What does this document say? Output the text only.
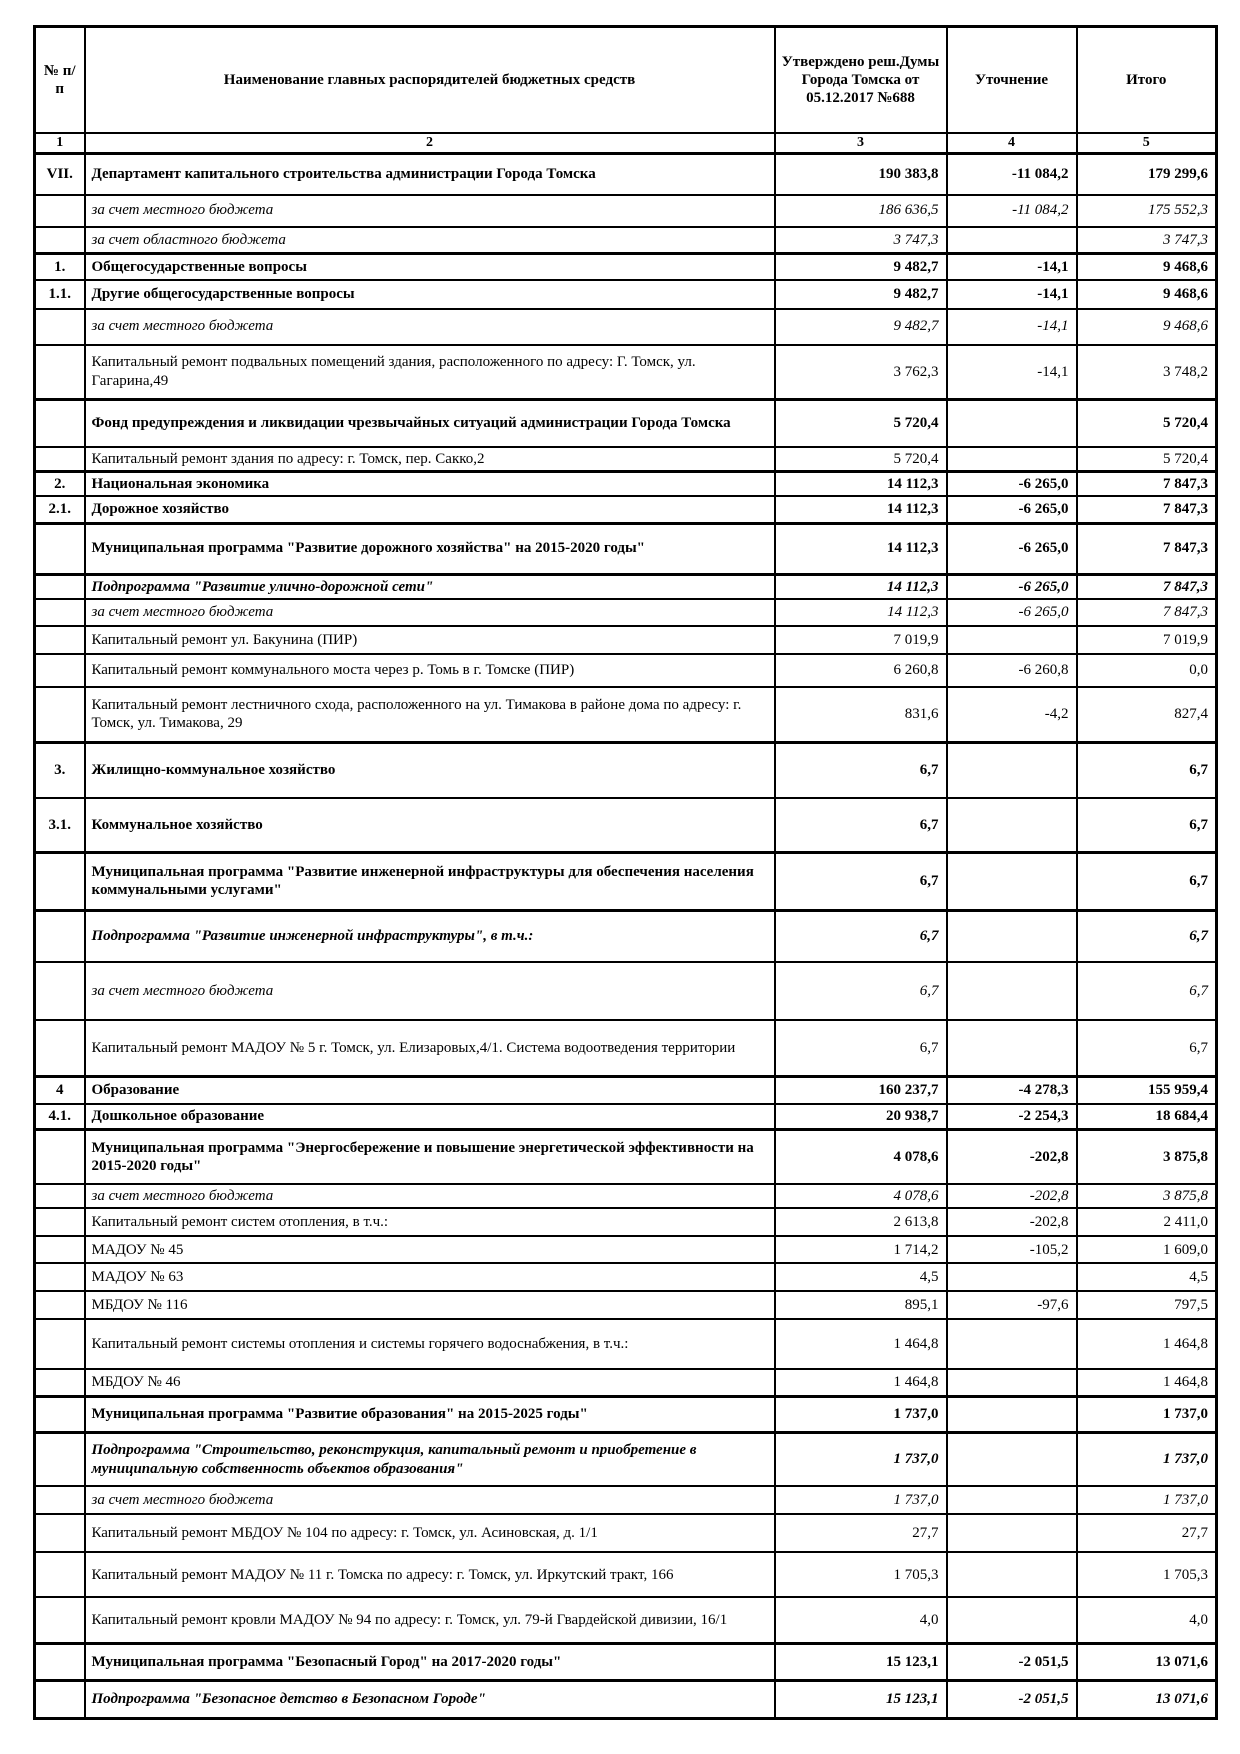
№ п/п	Наименование главных распорядителей бюджетных средств	Утверждено реш.Думы Города Томска от 05.12.2017 №688	Уточнение	Итого
1	2	3	4	5
VII.	Департамент капитального строительства администрации Города Томска	190 383,8	-11 084,2	179 299,6
	за счет местного бюджета	186 636,5	-11 084,2	175 552,3
	за счет областного бюджета	3 747,3		3 747,3
1.	Общегосударственные вопросы	9 482,7	-14,1	9 468,6
1.1.	Другие общегосударственные вопросы	9 482,7	-14,1	9 468,6
	за счет местного бюджета	9 482,7	-14,1	9 468,6
	Капитальный ремонт подвальных помещений здания, расположенного по адресу: Г. Томск, ул. Гагарина,49	3 762,3	-14,1	3 748,2
	Фонд предупреждения и ликвидации чрезвычайных ситуаций администрации Города Томска	5 720,4		5 720,4
	Капитальный ремонт здания по адресу: г. Томск, пер. Сакко,2	5 720,4		5 720,4
2.	Национальная экономика	14 112,3	-6 265,0	7 847,3
2.1.	Дорожное хозяйство	14 112,3	-6 265,0	7 847,3
	Муниципальная программа "Развитие дорожного хозяйства" на 2015-2020 годы"	14 112,3	-6 265,0	7 847,3
	Подпрограмма "Развитие улично-дорожной сети"	14 112,3	-6 265,0	7 847,3
	за счет местного бюджета	14 112,3	-6 265,0	7 847,3
	Капитальный ремонт ул. Бакунина (ПИР)	7 019,9		7 019,9
	Капитальный ремонт коммунального моста через р. Томь в г. Томске (ПИР)	6 260,8	-6 260,8	0,0
	Капитальный ремонт лестничного схода, расположенного на ул. Тимакова в районе дома по адресу: г. Томск, ул. Тимакова, 29	831,6	-4,2	827,4
3.	Жилищно-коммунальное хозяйство	6,7		6,7
3.1.	Коммунальное хозяйство	6,7		6,7
	Муниципальная программа "Развитие инженерной инфраструктуры для обеспечения населения коммунальными услугами"	6,7		6,7
	Подпрограмма "Развитие инженерной инфраструктуры", в т.ч.:	6,7		6,7
	за счет местного бюджета	6,7		6,7
	Капитальный ремонт МАДОУ № 5 г. Томск, ул. Елизаровых,4/1. Система водоотведения территории	6,7		6,7
4	Образование	160 237,7	-4 278,3	155 959,4
4.1.	Дошкольное образование	20 938,7	-2 254,3	18 684,4
	Муниципальная программа "Энергосбережение и повышение энергетической эффективности на 2015-2020 годы"	4 078,6	-202,8	3 875,8
	за счет местного бюджета	4 078,6	-202,8	3 875,8
	Капитальный ремонт систем отопления, в т.ч.:	2 613,8	-202,8	2 411,0
	МАДОУ № 45	1 714,2	-105,2	1 609,0
	МАДОУ № 63	4,5		4,5
	МБДОУ № 116	895,1	-97,6	797,5
	Капитальный ремонт системы отопления и системы горячего водоснабжения, в т.ч.:	1 464,8		1 464,8
	МБДОУ № 46	1 464,8		1 464,8
	Муниципальная программа "Развитие образования" на 2015-2025 годы"	1 737,0		1 737,0
	Подпрограмма "Строительство, реконструкция, капитальный ремонт и приобретение в муниципальную собственность объектов образования"	1 737,0		1 737,0
	за счет местного бюджета	1 737,0		1 737,0
	Капитальный ремонт МБДОУ № 104 по адресу: г. Томск, ул. Асиновская, д. 1/1	27,7		27,7
	Капитальный ремонт МАДОУ № 11 г. Томска по адресу: г. Томск, ул. Иркутский тракт, 166	1 705,3		1 705,3
	Капитальный ремонт кровли МАДОУ № 94 по адресу: г. Томск, ул. 79-й Гвардейской дивизии, 16/1	4,0		4,0
	Муниципальная программа "Безопасный Город" на 2017-2020 годы"	15 123,1	-2 051,5	13 071,6
	Подпрограмма "Безопасное детство в Безопасном Городе"	15 123,1	-2 051,5	13 071,6
